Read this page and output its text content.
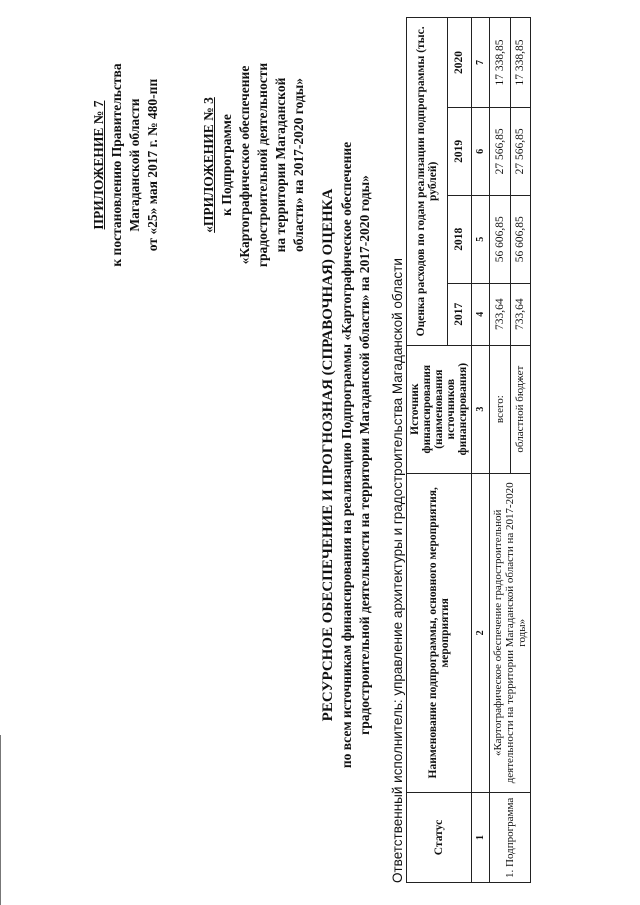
ПРИЛОЖЕНИЕ № 7 к постановлению Правительства Магаданской области от «25» мая 2017 г. № 480-пп	«ПРИЛОЖЕНИЕ № 3 к Подпрограмме «Картографическое обеспечение градостроительной деятельности на территории Магаданской области» на 2017-2020 годы»
РЕСУРСНОЕ ОБЕСПЕЧЕНИЕ И ПРОГНОЗНАЯ (СПРАВОЧНАЯ) ОЦЕНКА по всем источникам финансирования на реализацию Подпрограммы «Картографическое обеспечение градостроительной деятельности на территории Магаданской области» на 2017-2020 годы» Ответственный исполнитель: управление архитектуры и градостроительства Магаданской области Статус	Наименование подпрограммы, основного мероприятия, мероприятия	Источник финансирования (наименования источников финансирования)	Оценка расходов по годам реализации подпрограммы (тыс. рублей)			
			2017	2018	2019	2020
1	2	3	4	5	6	7
1. Подпрограмма	«Картографическое обеспечение градостроительной деятельности на территории Магаданской области на 2017-2020 годы»	всего:	733,64	56 606,85	27 566,85	17 338,85
		областной бюджет	733,64	56 606,85	27 566,85	17 338,85
